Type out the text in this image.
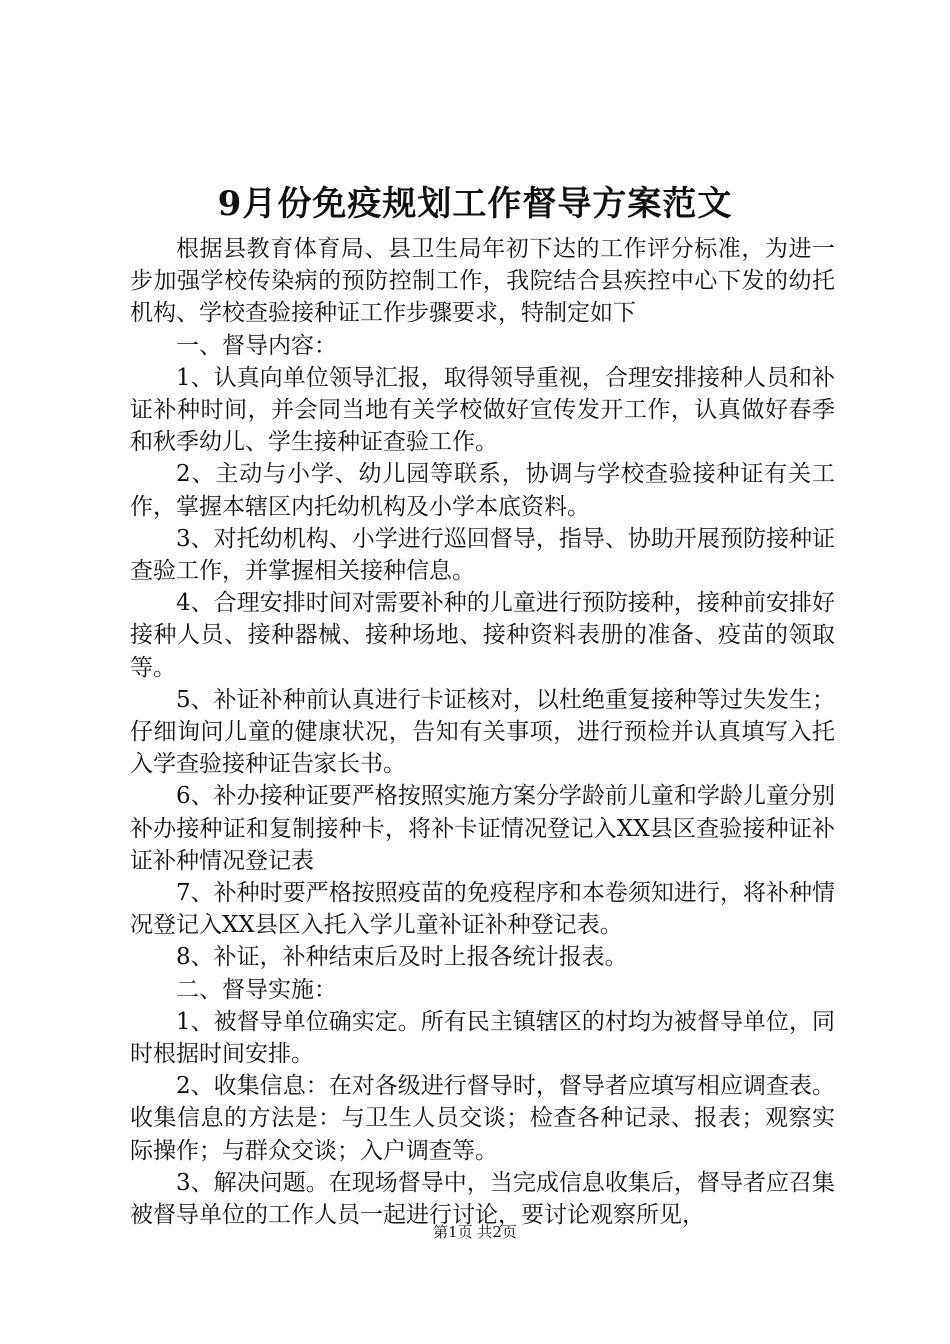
9月份免疫规划工作督导方案范文

根据县教育体育局、县卫生局年初下达的工作评分标准，为进一步加强学校传染病的预防控制工作，我院结合县疾控中心下发的幼托机构、学校查验接种证工作步骤要求，特制定如下

一、督导内容：

1、认真向单位领导汇报，取得领导重视，合理安排接种人员和补证补种时间，并会同当地有关学校做好宣传发开工作，认真做好春季和秋季幼儿、学生接种证查验工作。

2、主动与小学、幼儿园等联系，协调与学校查验接种证有关工作，掌握本辖区内托幼机构及小学本底资料。

3、对托幼机构、小学进行巡回督导，指导、协助开展预防接种证查验工作，并掌握相关接种信息。

4、合理安排时间对需要补种的儿童进行预防接种，接种前安排好接种人员、接种器械、接种场地、接种资料表册的准备、疫苗的领取等。

5、补证补种前认真进行卡证核对，以杜绝重复接种等过失发生；仔细询问儿童的健康状况，告知有关事项，进行预检并认真填写入托入学查验接种证告家长书。

6、补办接种证要严格按照实施方案分学龄前儿童和学龄儿童分别补办接种证和复制接种卡，将补卡证情况登记入XX县区查验接种证补证补种情况登记表

7、补种时要严格按照疫苗的免疫程序和本卷须知进行，将补种情况登记入XX县区入托入学儿童补证补种登记表。

8、补证，补种结束后及时上报各统计报表。

二、督导实施：

1、被督导单位确实定。所有民主镇辖区的村均为被督导单位，同时根据时间安排。

2、收集信息：在对各级进行督导时，督导者应填写相应调查表。收集信息的方法是：与卫生人员交谈；检查各种记录、报表；观察实际操作；与群众交谈；入户调查等。

3、解决问题。在现场督导中，当完成信息收集后，督导者应召集被督导单位的工作人员一起进行讨论，要讨论观察所见，

第1页 共2页
